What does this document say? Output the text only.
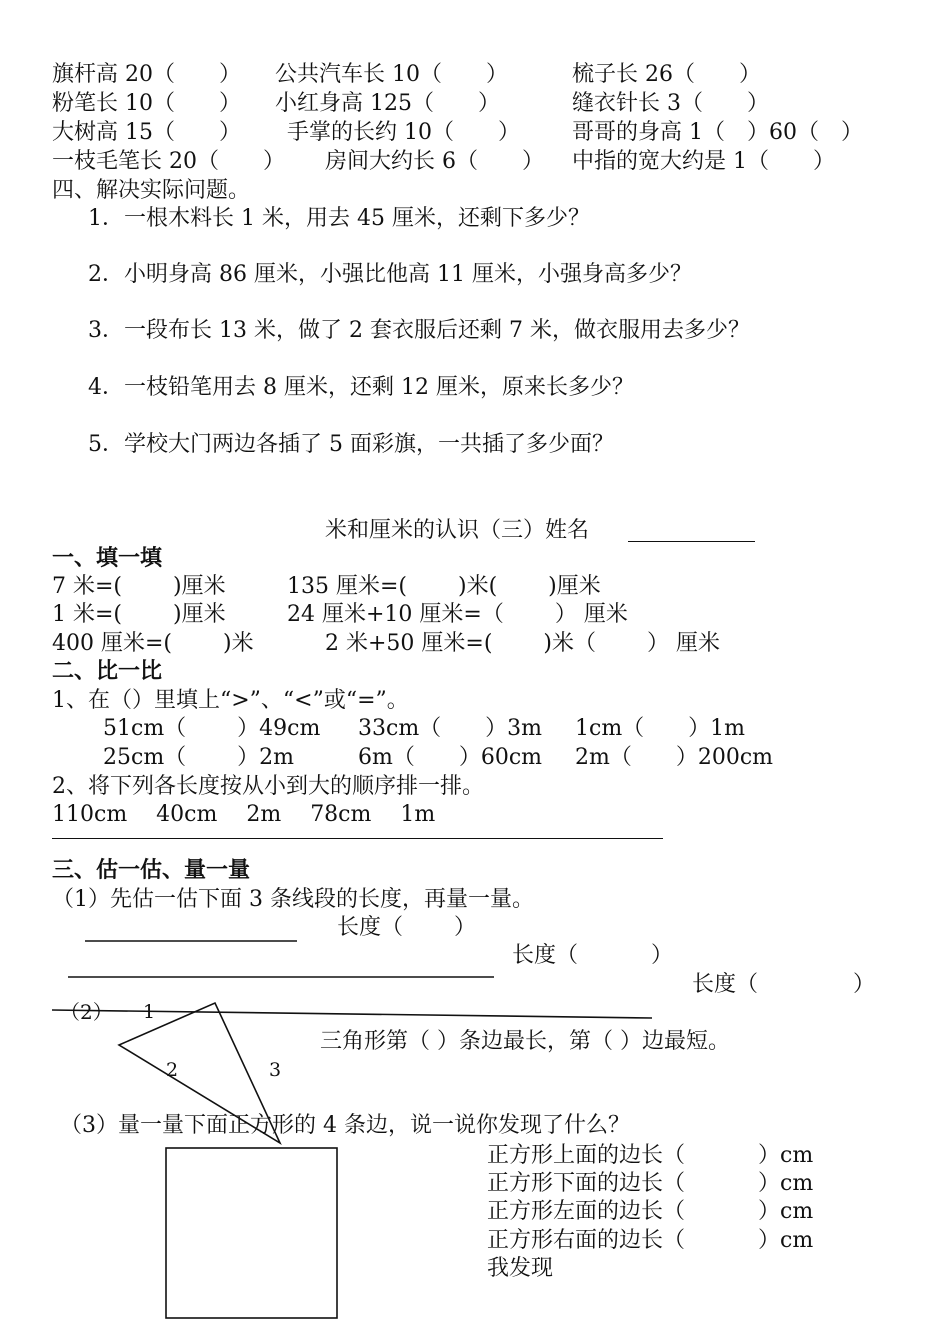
旗杆高 20（　　） 公共汽车长 10（　　）	梳子长 26（　　）
粉笔长 10（　　） 小红身高 125（　　）	缝衣针长 3（　　）
大树高 15（　　） 手掌的长约 10（　　） 哥哥的身高 1（　）60（　）
一枝毛笔长 20（　　） 房间大约长 6（　　） 中指的宽大约是 1（　　）
四、解决实际问题。
1．一根木料长 1 米，用去 45 厘米，还剩下多少？
2．小明身高 86 厘米，小强比他高 11 厘米，小强身高多少？
3．一段布长 13 米，做了 2 套衣服后还剩 7 米，做衣服用去多少？
4．一枝铅笔用去 8 厘米，还剩 12 厘米，原来长多少？
5．学校大门两边各插了 5 面彩旗，一共插了多少面？
米和厘米的认识（三）姓名
一、填一填
7 米=(　　 )厘米	135 厘米=(　　 )米(　　 )厘米
1 米=(　　 )厘米	24 厘米+10 厘米=（　　 ） 厘米
400 厘米=(　　 )米	2 米+50 厘米=(　　 )米（　　 ） 厘米
二、比一比
1、在（）里填上“>”、“<”或“=”。
51cm（　　 ）49cm 33cm（　　）3m 1cm（　　）1m
25cm（　　 ）2m	6m（　　）60cm 2m（　　）200cm
2、将下列各长度按从小到大的顺序排一排。
110cm　 40cm　 2m　 78cm　 1m
三、估一估、量一量
（1）先估一估下面 3 条线段的长度，再量一量。
长度（　　 ）
长度（　　　 ）
长度（　　　　 ）
（2） 1
2	3
三角形第（ ）条边最长，第（ ）边最短。
（3）量一量下面正方形的 4 条边，说一说你发现了什么？
正方形上面的边长（　　　 ）cm
正方形下面的边长（　　　 ）cm
正方形左面的边长（　　　 ）cm
正方形右面的边长（　　　 ）cm
我发现
